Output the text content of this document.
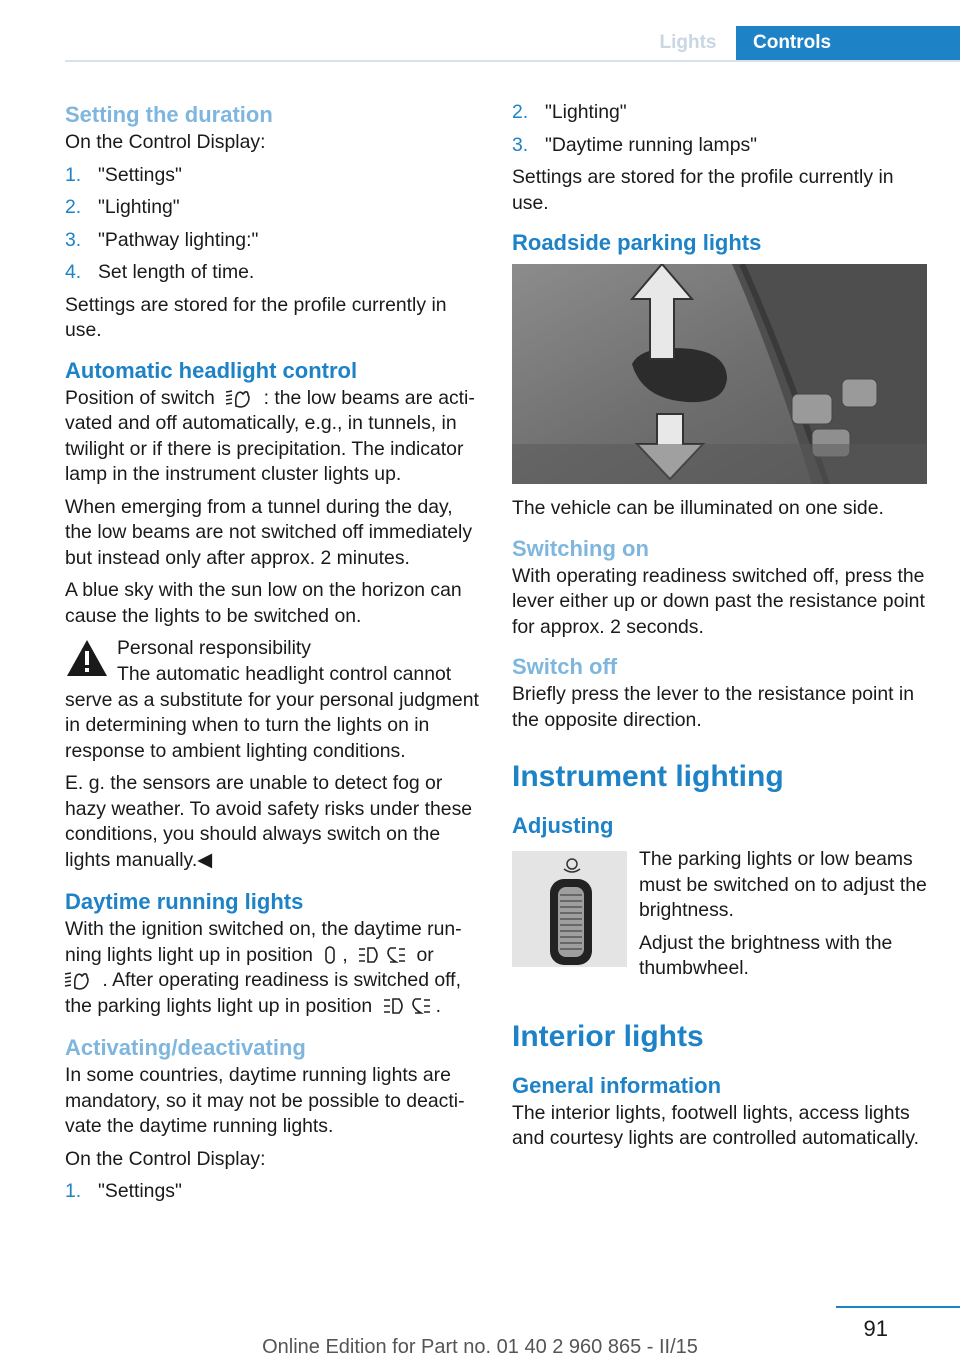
Lights	Controls
Setting the duration

On the Control Display:

1. "Settings"
2. "Lighting"
3. "Pathway lighting:"
4. Set length of time.

Settings are stored for the profile currently in use.

Automatic headlight control

Position of switch	: the low beams are activated and off automatically, e.g., in tunnels, in twilight or if there is precipitation. The indicator lamp in the instrument cluster lights up.

When emerging from a tunnel during the day, the low beams are not switched off immediately but instead only after approx. 2 minutes.

A blue sky with the sun low on the horizon can cause the lights to be switched on.

Personal responsibility

The automatic headlight control cannot serve as a substitute for your personal judgment in determining when to turn the lights on in response to ambient lighting conditions.

E. g. the sensors are unable to detect fog or hazy weather. To avoid safety risks under these conditions, you should always switch on the lights manually.◀

Daytime running lights

With the ignition switched on, the daytime running lights light up in position ,	or
. After operating readiness is switched off, the parking lights light up in position	.

Activating/deactivating

In some countries, daytime running lights are mandatory, so it may not be possible to deactivate the daytime running lights.

On the Control Display:

1. "Settings"
2. "Lighting"
3. "Daytime running lamps"

Settings are stored for the profile currently in use.

Roadside parking lights

The vehicle can be illuminated on one side.

Switching on

With operating readiness switched off, press the lever either up or down past the resistance point for approx. 2 seconds.

Switch off

Briefly press the lever to the resistance point in the opposite direction.

Instrument lighting
Adjusting

The parking lights or low beams must be switched on to adjust the brightness.

Adjust the brightness with the thumbwheel.

Interior lights
General information

The interior lights, footwell lights, access lights and courtesy lights are controlled automatically.

91
Online Edition for Part no. 01 40 2 960 865 - II/15
